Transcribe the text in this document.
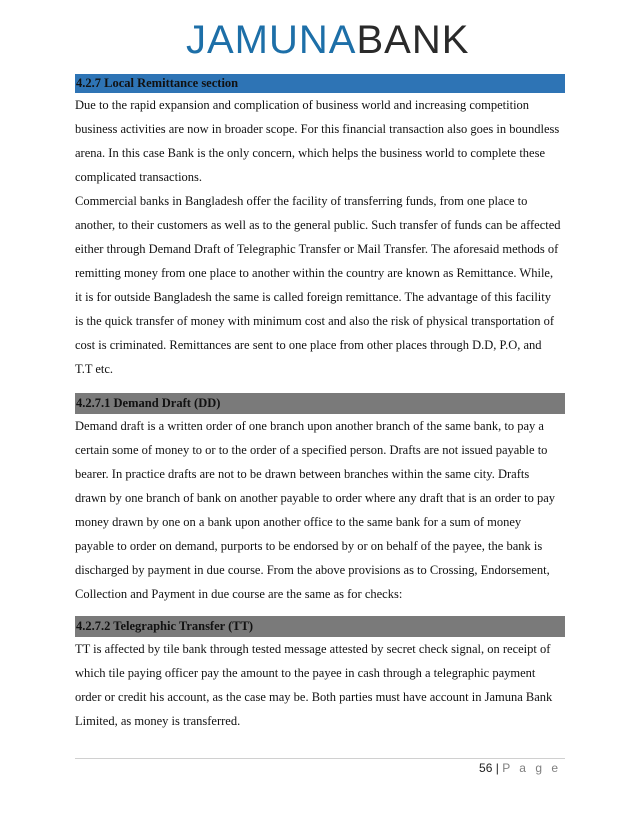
JAMUNABANK
4.2.7 Local Remittance section
Due to the rapid expansion and complication of business world and increasing competition
business activities are now in broader scope. For this financial transaction also goes in boundless
arena. In this case Bank is the only concern, which helps the business world to complete these
complicated transactions.
Commercial banks in Bangladesh offer the facility of transferring funds, from one place to
another, to their customers as well as to the general public. Such transfer of funds can be affected
either through Demand Draft of Telegraphic Transfer or Mail Transfer. The aforesaid methods of
remitting money from one place to another within the country are known as Remittance. While,
it is for outside Bangladesh the same is called foreign remittance. The advantage of this facility
is the quick transfer of money with minimum cost and also the risk of physical transportation of
cost is criminated. Remittances are sent to one place from other places through D.D, P.O, and
T.T etc.
4.2.7.1 Demand Draft (DD)
Demand draft is a written order of one branch upon another branch of the same bank, to pay a
certain some of money to or to the order of a specified person. Drafts are not issued payable to
bearer. In practice drafts are not to be drawn between branches within the same city. Drafts
drawn by one branch of bank on another payable to order where any draft that is an order to pay
money drawn by one on a bank upon another office to the same bank for a sum of money
payable to order on demand, purports to be endorsed by or on behalf of the payee, the bank is
discharged by payment in due course. From the above provisions as to Crossing, Endorsement,
Collection and Payment in due course are the same as for checks:
4.2.7.2 Telegraphic Transfer (TT)
TT is affected by tile bank through tested message attested by secret check signal, on receipt of
which tile paying officer pay the amount to the payee in cash through a telegraphic payment
order or credit his account, as the case may be. Both parties must have account in Jamuna Bank
Limited, as money is transferred.
56 | P a g e
